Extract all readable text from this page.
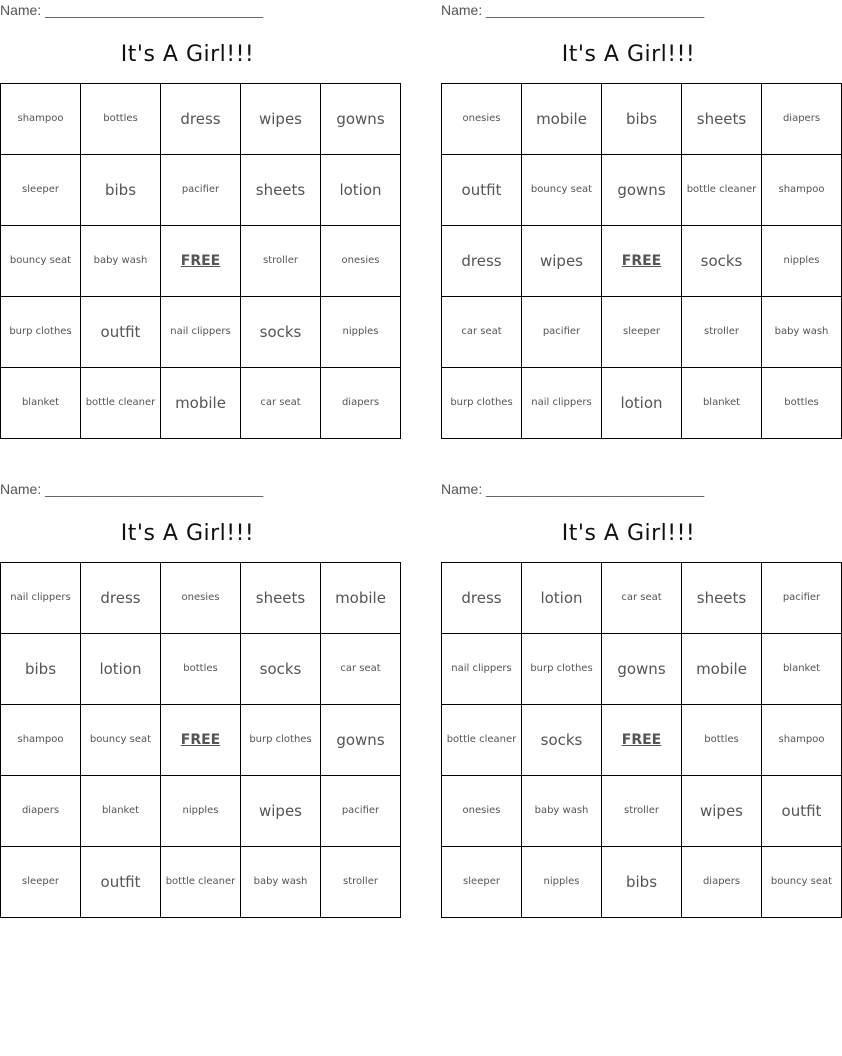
Name: ____________________________
It's A Girl!!!
shampoo	bottles	dress	wipes	gowns
sleeper	bibs	pacifier	sheets	lotion
bouncy seat	baby wash	FREE	stroller	onesies
burp clothes	outfit	nail clippers	socks	nipples
blanket	bottle cleaner	mobile	car seat	diapers
Name: ____________________________
It's A Girl!!!
onesies	mobile	bibs	sheets	diapers
outfit	bouncy seat	gowns	bottle cleaner	shampoo
dress	wipes	FREE	socks	nipples
car seat	pacifier	sleeper	stroller	baby wash
burp clothes	nail clippers	lotion	blanket	bottles
Name: ____________________________
It's A Girl!!!
nail clippers	dress	onesies	sheets	mobile
bibs	lotion	bottles	socks	car seat
shampoo	bouncy seat	FREE	burp clothes	gowns
diapers	blanket	nipples	wipes	pacifier
sleeper	outfit	bottle cleaner	baby wash	stroller
Name: ____________________________
It's A Girl!!!
dress	lotion	car seat	sheets	pacifier
nail clippers	burp clothes	gowns	mobile	blanket
bottle cleaner	socks	FREE	bottles	shampoo
onesies	baby wash	stroller	wipes	outfit
sleeper	nipples	bibs	diapers	bouncy seat
